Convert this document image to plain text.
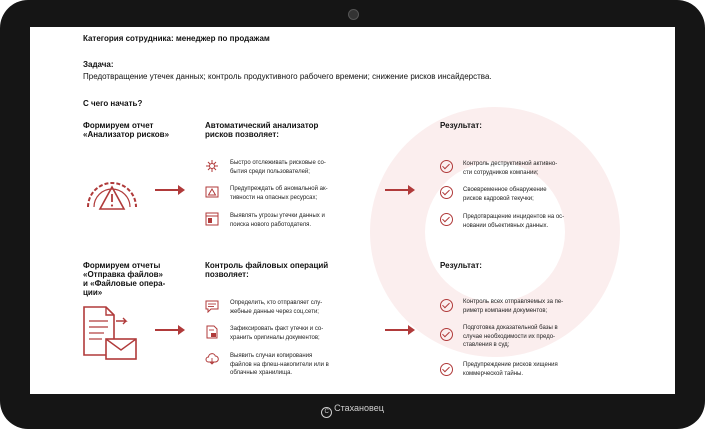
Категория сотрудника: менеджер по продажам
Задача:
Предотвращение утечек данных; контроль продуктивного рабочего времени; снижение рисков инсайдерства.
С чего начать?
Формируем отчет
«Анализатор рисков»
Автоматический анализатор
рисков позволяет:
Быстро отслеживать рисковые со-
бытия среди пользователей;
Предупреждать об аномальной ак-
тивности на опасных ресурсах;
Выявлять угрозы утечки данных и
поиска нового работодателя.
Результат:
Контроль деструктивной активно-
сти сотрудников компании;
Своевременное обнаружение
рисков кадровой текучки;
Предотвращение инцидентов на ос-
новании объективных данных.
Формируем отчеты
«Отправка файлов»
и «Файловые опера-
ции»
Контроль файловых операций
позволяет:
Определить, кто отправляет слу-
жебные данные через соц.сети;
Зафиксировать факт утечки и со-
хранить оригиналы документов;
Выявить случаи копирования
файлов на флеш-накопители или в
облачные хранилища.
Результат:
Контроль всех отправляемых за пе-
риметр компании документов;
Подготовка доказательной базы в
случае необходимости их предо-
ставления в суд;
Предупреждение рисков хищения
коммерческой тайны.
С Стахановец
